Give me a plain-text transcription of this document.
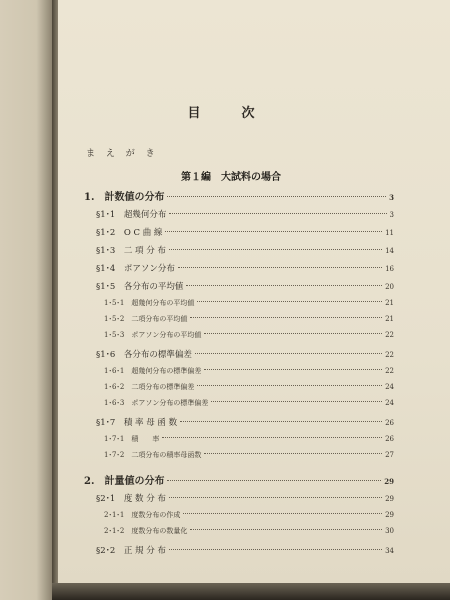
目　次
ま え が き
第１編　大試料の場合
1.　計数値の分布	3
§1･1　超幾何分布	3
§1･2　O C 曲 線	11
§1･3　二 項 分 布	14
§1･4　ポアソン分布	16
§1･5　各分布の平均値	20
1･5･1　超幾何分布の平均値	21
1･5･2　二項分布の平均値	21
1･5･3　ポアソン分布の平均値	22
§1･6　各分布の標準偏差	22
1･6･1　超幾何分布の標準偏差	22
1･6･2　二項分布の標準偏差	24
1･6･3　ポアソン分布の標準偏差	24
§1･7　積 率 母 函 数	26
1･7･1　積　　率	26
1･7･2　二項分布の積率母函数	27
2.　計量値の分布	29
§2･1　度 数 分 布	29
2･1･1　度数分布の作成	29
2･1･2　度数分布の数量化	30
§2･2　正 規 分 布	34
